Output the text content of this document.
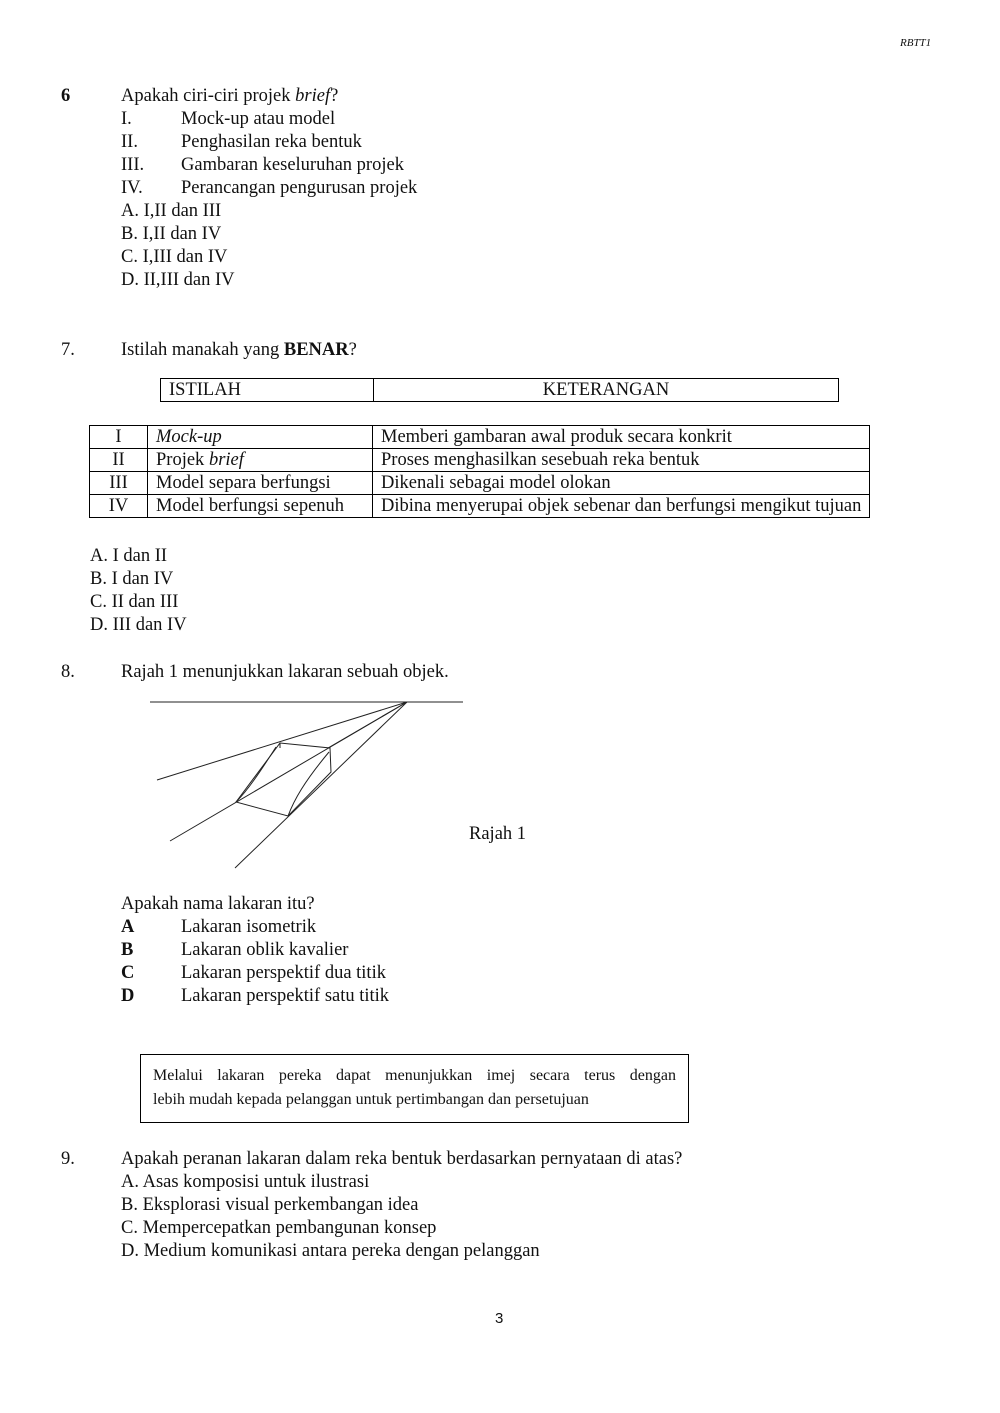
RBTT1
6	Apakah ciri-ciri projek brief?
I.	Mock-up atau model
II. Penghasilan reka bentuk
III. Gambaran keseluruhan projek
IV. Perancangan pengurusan projek
A. I,II dan III
B. I,II dan IV
C. I,III dan IV
D. II,III dan IV
7. Istilah manakah yang BENAR?
ISTILAH	KETERANGAN
I	Mock-up	Memberi gambaran awal produk secara konkrit
II	Projek brief	Proses menghasilkan sesebuah reka bentuk
III	Model separa berfungsi	Dikenali sebagai model olokan
IV	Model berfungsi sepenuh	Dibina menyerupai objek sebenar dan berfungsi mengikut tujuan
A. I dan II
B. I dan IV
C. II dan III
D. III dan IV
8. Rajah 1 menunjukkan lakaran sebuah objek.
Rajah 1
Apakah nama lakaran itu?
A	Lakaran isometrik
B	Lakaran oblik kavalier
C	Lakaran perspektif dua titik
D	Lakaran perspektif satu titik
Melalui lakaran pereka dapat menunjukkan imej secara terus dengan
lebih mudah kepada pelanggan untuk pertimbangan dan persetujuan
9. Apakah peranan lakaran dalam reka bentuk berdasarkan pernyataan di atas?
A. Asas komposisi untuk ilustrasi
B. Eksplorasi visual perkembangan idea
C. Mempercepatkan pembangunan konsep
D. Medium komunikasi antara pereka dengan pelanggan
3
